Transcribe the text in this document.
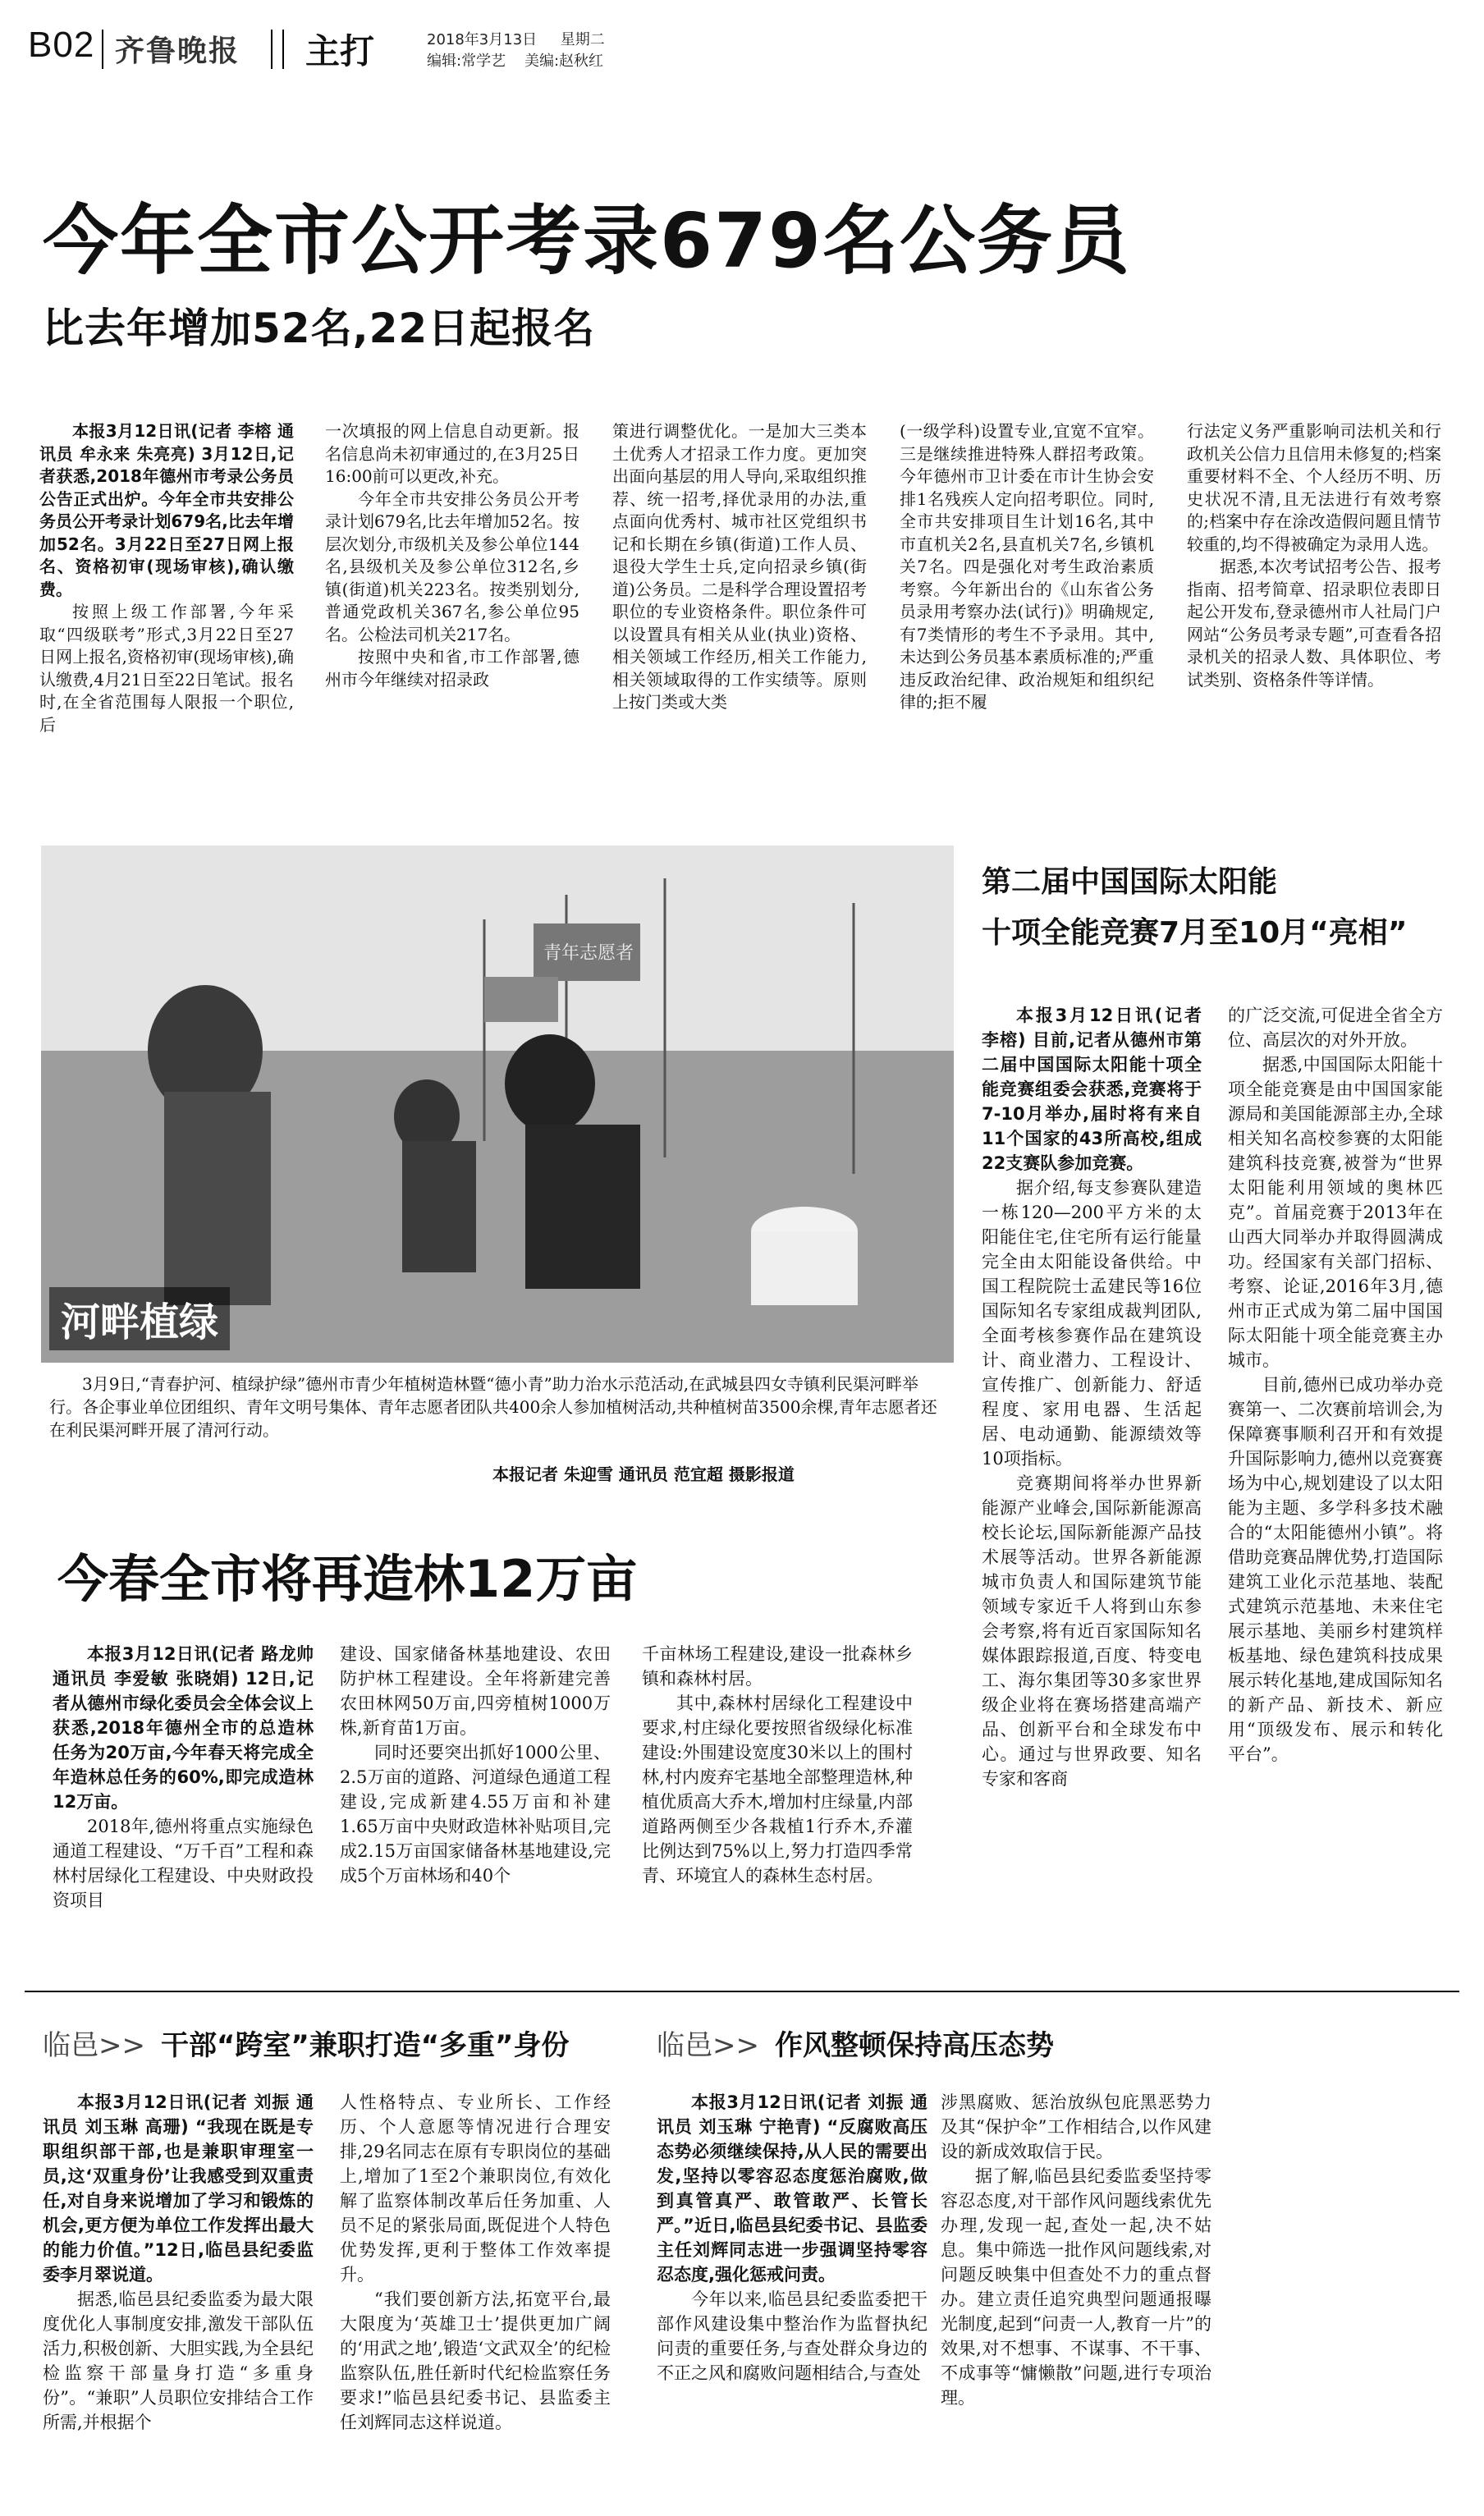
B02 齐鲁晚报 主打	2018年3月13日 星期二
编辑:常学艺 美编:赵秋红
今年全市公开考录679名公务员
比去年增加52名,22日起报名

本报3月12日讯(记者 李榕 通讯员 牟永来 朱亮亮) 3月12日,记者获悉,2018年德州市考录公务员公告正式出炉。今年全市共安排公务员公开考录计划679名,比去年增加52名。3月22日至27日网上报名、资格初审(现场审核),确认缴费。

按照上级工作部署,今年采取“四级联考”形式,3月22日至27日网上报名,资格初审(现场审核),确认缴费,4月21日至22日笔试。报名时,在全省范围每人限报一个职位,后

一次填报的网上信息自动更新。报名信息尚未初审通过的,在3月25日16:00前可以更改,补充。

今年全市共安排公务员公开考录计划679名,比去年增加52名。按层次划分,市级机关及参公单位144名,县级机关及参公单位312名,乡镇(街道)机关223名。按类别划分,普通党政机关367名,参公单位95名。公检法司机关217名。

按照中央和省,市工作部署,德州市今年继续对招录政

策进行调整优化。一是加大三类本土优秀人才招录工作力度。更加突出面向基层的用人导向,采取组织推荐、统一招考,择优录用的办法,重点面向优秀村、城市社区党组织书记和长期在乡镇(街道)工作人员、退役大学生士兵,定向招录乡镇(街道)公务员。二是科学合理设置招考职位的专业资格条件。职位条件可以设置具有相关从业(执业)资格、相关领域工作经历,相关工作能力,相关领域取得的工作实绩等。原则上按门类或大类

(一级学科)设置专业,宜宽不宜窄。三是继续推进特殊人群招考政策。今年德州市卫计委在市计生协会安排1名残疾人定向招考职位。同时,全市共安排项目生计划16名,其中市直机关2名,县直机关7名,乡镇机关7名。四是强化对考生政治素质考察。今年新出台的《山东省公务员录用考察办法(试行)》明确规定,有7类情形的考生不予录用。其中,未达到公务员基本素质标准的;严重违反政治纪律、政治规矩和组织纪律的;拒不履

行法定义务严重影响司法机关和行政机关公信力且信用未修复的;档案重要材料不全、个人经历不明、历史状况不清,且无法进行有效考察的;档案中存在涂改造假问题且情节较重的,均不得被确定为录用人选。

据悉,本次考试招考公告、报考指南、招考简章、招录职位表即日起公开发布,登录德州市人社局门户网站“公务员考录专题”,可查看各招录机关的招录人数、具体职位、考试类别、资格条件等详情。

青年志愿者
河畔植绿
3月9日,“青春护河、植绿护绿”德州市青少年植树造林暨“德小青”助力治水示范活动,在武城县四女寺镇利民渠河畔举行。各企事业单位团组织、青年文明号集体、青年志愿者团队共400余人参加植树活动,共种植树苗3500余棵,青年志愿者还在利民渠河畔开展了清河行动。
本报记者 朱迎雪 通讯员 范宜超 摄影报道
第二届中国国际太阳能
十项全能竞赛7月至10月“亮相”

本报3月12日讯(记者 李榕) 目前,记者从德州市第二届中国国际太阳能十项全能竞赛组委会获悉,竞赛将于7-10月举办,届时将有来自11个国家的43所高校,组成22支赛队参加竞赛。

据介绍,每支参赛队建造一栋120—200平方米的太阳能住宅,住宅所有运行能量完全由太阳能设备供给。中国工程院院士孟建民等16位国际知名专家组成裁判团队,全面考核参赛作品在建筑设计、商业潜力、工程设计、宣传推广、创新能力、舒适程度、家用电器、生活起居、电动通勤、能源绩效等10项指标。

竞赛期间将举办世界新能源产业峰会,国际新能源高校长论坛,国际新能源产品技术展等活动。世界各新能源城市负责人和国际建筑节能领域专家近千人将到山东参会考察,将有近百家国际知名媒体跟踪报道,百度、特变电工、海尔集团等30多家世界级企业将在赛场搭建高端产品、创新平台和全球发布中心。通过与世界政要、知名专家和客商

的广泛交流,可促进全省全方位、高层次的对外开放。

据悉,中国国际太阳能十项全能竞赛是由中国国家能源局和美国能源部主办,全球相关知名高校参赛的太阳能建筑科技竞赛,被誉为“世界太阳能利用领域的奥林匹克”。首届竞赛于2013年在山西大同举办并取得圆满成功。经国家有关部门招标、考察、论证,2016年3月,德州市正式成为第二届中国国际太阳能十项全能竞赛主办城市。

目前,德州已成功举办竞赛第一、二次赛前培训会,为保障赛事顺利召开和有效提升国际影响力,德州以竞赛赛场为中心,规划建设了以太阳能为主题、多学科多技术融合的“太阳能德州小镇”。将借助竞赛品牌优势,打造国际建筑工业化示范基地、装配式建筑示范基地、未来住宅展示基地、美丽乡村建筑样板基地、绿色建筑科技成果展示转化基地,建成国际知名的新产品、新技术、新应用“顶级发布、展示和转化平台”。

今春全市将再造林12万亩

本报3月12日讯(记者 路龙帅 通讯员 李爱敏 张晓娟) 12日,记者从德州市绿化委员会全体会议上获悉,2018年德州全市的总造林任务为20万亩,今年春天将完成全年造林总任务的60%,即完成造林12万亩。

2018年,德州将重点实施绿色通道工程建设、“万千百”工程和森林村居绿化工程建设、中央财政投资项目

建设、国家储备林基地建设、农田防护林工程建设。全年将新建完善农田林网50万亩,四旁植树1000万株,新育苗1万亩。

同时还要突出抓好1000公里、2.5万亩的道路、河道绿色通道工程建设,完成新建4.55万亩和补建1.65万亩中央财政造林补贴项目,完成2.15万亩国家储备林基地建设,完成5个万亩林场和40个

千亩林场工程建设,建设一批森林乡镇和森林村居。

其中,森林村居绿化工程建设中要求,村庄绿化要按照省级绿化标准建设:外围建设宽度30米以上的围村林,村内废弃宅基地全部整理造林,种植优质高大乔木,增加村庄绿量,内部道路两侧至少各栽植1行乔木,乔灌比例达到75%以上,努力打造四季常青、环境宜人的森林生态村居。

临邑>> 干部“跨室”兼职打造“多重”身份

本报3月12日讯(记者 刘振 通讯员 刘玉琳 高珊) “我现在既是专职组织部干部,也是兼职审理室一员,这‘双重身份’让我感受到双重责任,对自身来说增加了学习和锻炼的机会,更方便为单位工作发挥出最大的能力价值。”12日,临邑县纪委监委李月翠说道。

据悉,临邑县纪委监委为最大限度优化人事制度安排,激发干部队伍活力,积极创新、大胆实践,为全县纪检监察干部量身打造“多重身份”。“兼职”人员职位安排结合工作所需,并根据个

人性格特点、专业所长、工作经历、个人意愿等情况进行合理安排,29名同志在原有专职岗位的基础上,增加了1至2个兼职岗位,有效化解了监察体制改革后任务加重、人员不足的紧张局面,既促进个人特色优势发挥,更利于整体工作效率提升。

“我们要创新方法,拓宽平台,最大限度为‘英雄卫士’提供更加广阔的‘用武之地’,锻造‘文武双全’的纪检监察队伍,胜任新时代纪检监察任务要求!”临邑县纪委书记、县监委主任刘辉同志这样说道。

临邑>> 作风整顿保持高压态势

本报3月12日讯(记者 刘振 通讯员 刘玉琳 宁艳青) “反腐败高压态势必须继续保持,从人民的需要出发,坚持以零容忍态度惩治腐败,做到真管真严、敢管敢严、长管长严。”近日,临邑县纪委书记、县监委主任刘辉同志进一步强调坚持零容忍态度,强化惩戒问责。

今年以来,临邑县纪委监委把干部作风建设集中整治作为监督执纪问责的重要任务,与查处群众身边的不正之风和腐败问题相结合,与查处

涉黑腐败、惩治放纵包庇黑恶势力及其“保护伞”工作相结合,以作风建设的新成效取信于民。

据了解,临邑县纪委监委坚持零容忍态度,对干部作风问题线索优先办理,发现一起,查处一起,决不姑息。集中筛选一批作风问题线索,对问题反映集中但查处不力的重点督办。建立责任追究典型问题通报曝光制度,起到“问责一人,教育一片”的效果,对不想事、不谋事、不干事、不成事等“慵懒散”问题,进行专项治理。
